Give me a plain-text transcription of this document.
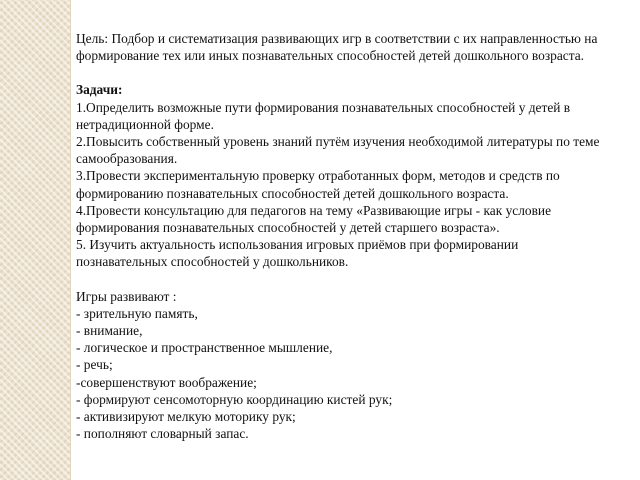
Цель: Подбор и систематизация развивающих игр в соответствии с их направленностью на
формирование тех или иных познавательных способностей детей дошкольного возраста.
Задачи:
1.Определить возможные пути формирования познавательных способностей у детей в
нетрадиционной форме.
2.Повысить собственный уровень знаний путём изучения необходимой литературы по теме
самообразования.
3.Провести экспериментальную проверку отработанных форм, методов и средств по
формированию познавательных способностей детей дошкольного возраста.
4.Провести консультацию для педагогов на тему «Развивающие игры - как условие
формирования познавательных способностей у детей старшего возраста».
5. Изучить актуальность использования игровых приёмов при формировании
познавательных способностей у дошкольников.
Игры развивают :
- зрительную память,
- внимание,
- логическое и пространственное мышление,
- речь;
-совершенствуют воображение;
- формируют сенсомоторную координацию кистей рук;
- активизируют мелкую моторику рук;
- пополняют словарный запас.
